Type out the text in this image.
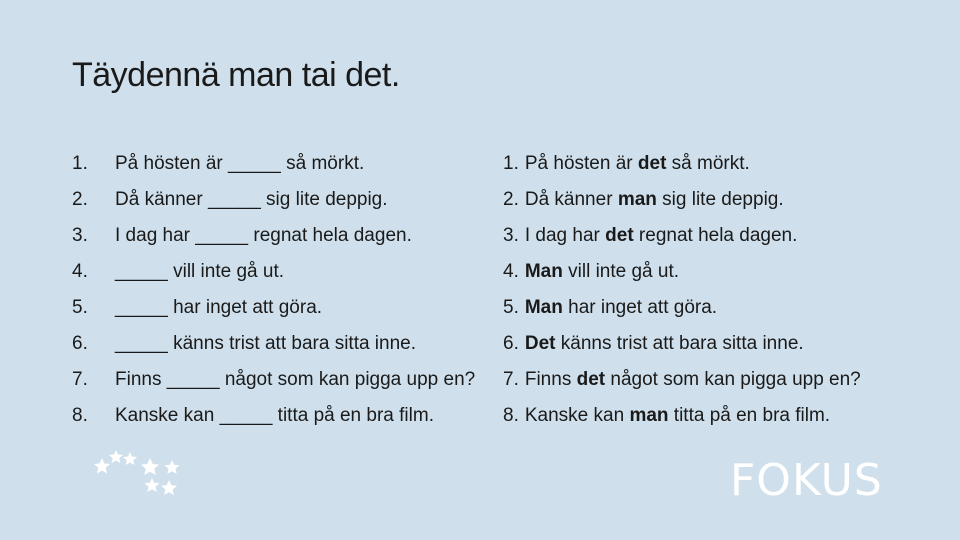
Täydennä man tai det.
1.	På hösten är _____ så mörkt.
2.	Då känner _____ sig lite deppig.
3.	I dag har _____ regnat hela dagen.
4.	_____ vill inte gå ut.
5.	_____ har inget att göra.
6.	_____ känns trist att bara sitta inne.
7.	Finns _____ något som kan pigga upp en?
8.	Kanske kan _____ titta på en bra film.
1. På hösten är det så mörkt.
2. Då känner man sig lite deppig.
3. I dag har det regnat hela dagen.
4. Man vill inte gå ut.
5. Man har inget att göra.
6. Det känns trist att bara sitta inne.
7. Finns det något som kan pigga upp en?
8. Kanske kan man titta på en bra film.
FOKUS
